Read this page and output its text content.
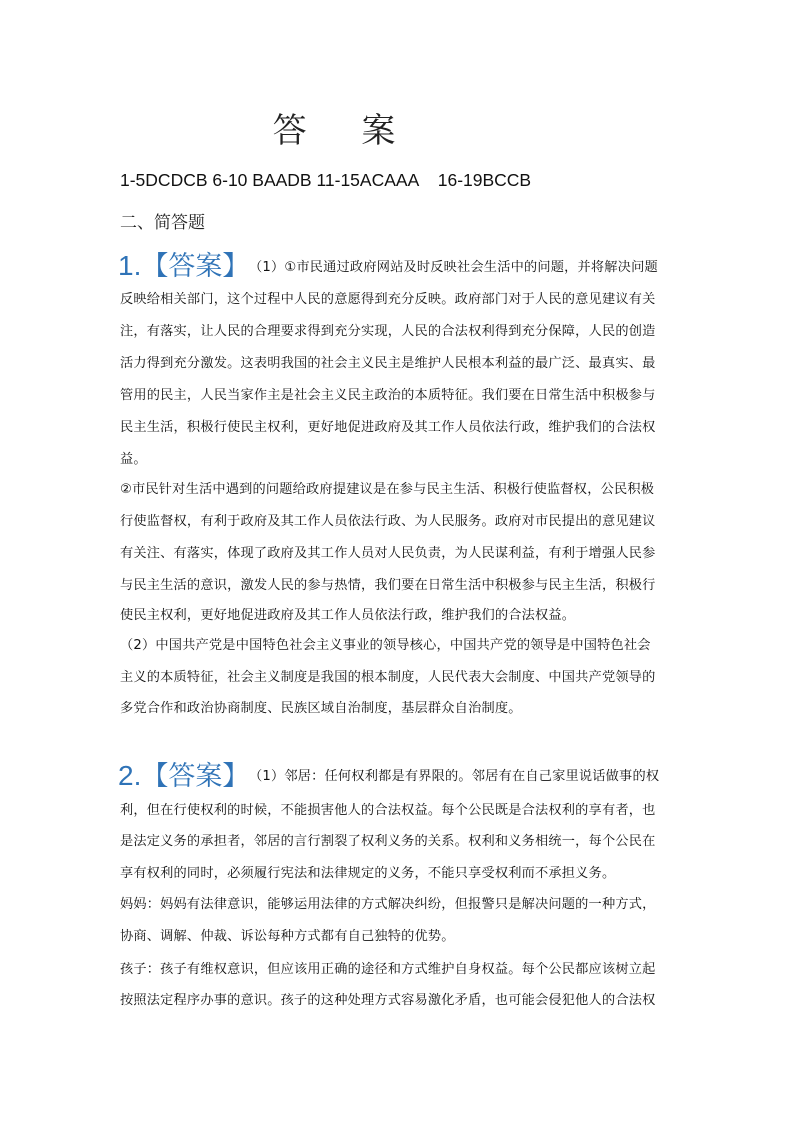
答 案
1-5DCDCB 6-10 BAADB 11-15ACAAA    16-19BCCB
二、简答题
1. 【答案】 （1）①市民通过政府网站及时反映社会生活中的问题，并将解决问题
反映给相关部门，这个过程中人民的意愿得到充分反映。政府部门对于人民的意见建议有关
注，有落实，让人民的合理要求得到充分实现，人民的合法权利得到充分保障，人民的创造
活力得到充分激发。这表明我国的社会主义民主是维护人民根本利益的最广泛、最真实、最
管用的民主，人民当家作主是社会主义民主政治的本质特征。我们要在日常生活中积极参与
民主生活，积极行使民主权利，更好地促进政府及其工作人员依法行政，维护我们的合法权
益。
②市民针对生活中遇到的问题给政府提建议是在参与民主生活、积极行使监督权，公民积极
行使监督权，有利于政府及其工作人员依法行政、为人民服务。政府对市民提出的意见建议
有关注、有落实，体现了政府及其工作人员对人民负责，为人民谋利益，有利于增强人民参
与民主生活的意识，激发人民的参与热情，我们要在日常生活中积极参与民主生活，积极行
使民主权利，更好地促进政府及其工作人员依法行政，维护我们的合法权益。
（2）中国共产党是中国特色社会主义事业的领导核心，中国共产党的领导是中国特色社会
主义的本质特征，社会主义制度是我国的根本制度，人民代表大会制度、中国共产党领导的
多党合作和政治协商制度、民族区域自治制度，基层群众自治制度。
2. 【答案】 （1）邻居：任何权利都是有界限的。邻居有在自己家里说话做事的权
利，但在行使权利的时候，不能损害他人的合法权益。每个公民既是合法权利的享有者，也
是法定义务的承担者，邻居的言行割裂了权利义务的关系。权利和义务相统一，每个公民在
享有权利的同时，必须履行宪法和法律规定的义务，不能只享受权利而不承担义务。
妈妈：妈妈有法律意识，能够运用法律的方式解决纠纷，但报警只是解决问题的一种方式，
协商、调解、仲裁、诉讼每种方式都有自己独特的优势。
孩子：孩子有维权意识，但应该用正确的途径和方式维护自身权益。每个公民都应该树立起
按照法定程序办事的意识。孩子的这种处理方式容易激化矛盾，也可能会侵犯他人的合法权
